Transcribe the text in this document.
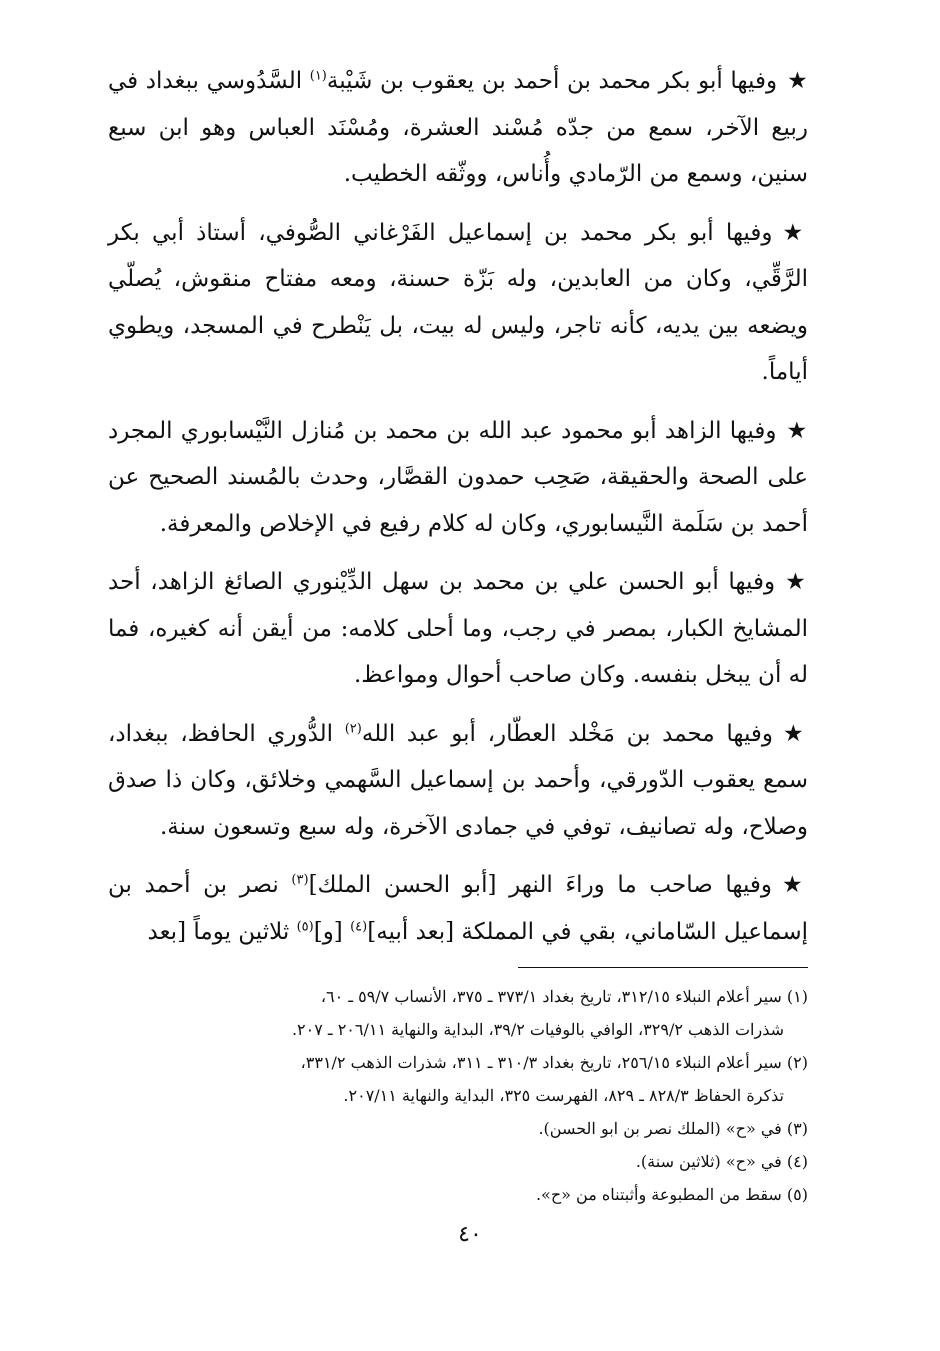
★وفيها أبو بكر محمد بن أحمد بن يعقوب بن شَيْبة$^{(١)}$ السَّدُوسي ببغداد في ربيع الآخر، سمع من جدّه مُسْند العشرة، ومُسْنَد العباس وهو ابن سبع سنين، وسمع من الرّمادي وأُناس، ووثّقه الخطيب.

★وفيها أبو بكر محمد بن إسماعيل الفَرْغاني الصُّوفي، أستاذ أبي بكر الرَّقِّي، وكان من العابدين، وله بَزّة حسنة، ومعه مفتاح منقوش، يُصلّي ويضعه بين يديه، كأنه تاجر، وليس له بيت، بل يَنْطرح في المسجد، ويطوي أياماً.

★وفيها الزاهد أبو محمود عبد الله بن محمد بن مُنازل النَّيْسابوري المجرد على الصحة والحقيقة، صَحِب حمدون القصَّار، وحدث بالمُسند الصحيح عن أحمد بن سَلَمة النَّيسابوري، وكان له كلام رفيع في الإخلاص والمعرفة.

★وفيها أبو الحسن علي بن محمد بن سهل الدِّيْنوري الصائغ الزاهد، أحد المشايخ الكبار، بمصر في رجب، وما أحلى كلامه: من أيقن أنه كغيره، فما له أن يبخل بنفسه. وكان صاحب أحوال ومواعظ.

★وفيها محمد بن مَخْلد العطّار، أبو عبد الله$^{(٢)}$ الدُّوري الحافظ، ببغداد، سمع يعقوب الدّورقي، وأحمد بن إسماعيل السَّهمي وخلائق، وكان ذا صدق وصلاح، وله تصانيف، توفي في جمادى الآخرة، وله سبع وتسعون سنة.

★وفيها صاحب ما وراءَ النهر [أبو الحسن الملك]$^{(٣)}$ نصر بن أحمد بن إسماعيل السّاماني، بقي في المملكة [بعد أبيه]$^{(٤)}$ [و]$^{(٥)}$ ثلاثين يوماً [بعد

(١) سير أعلام النبلاء ٣١٢/١٥، تاريخ بغداد ٣٧٣/١ ـ ٣٧٥، الأنساب ٥٩/٧ ـ ٦٠،

شذرات الذهب ٣٢٩/٢، الوافي بالوفيات ٣٩/٢، البداية والنهاية ٢٠٦/١١ ـ ٢٠٧.

(٢) سير أعلام النبلاء ٢٥٦/١٥، تاريخ بغداد ٣١٠/٣ ـ ٣١١، شذرات الذهب ٣٣١/٢،

تذكرة الحفاظ ٨٢٨/٣ ـ ٨٢٩، الفهرست ٣٢٥، البداية والنهاية ٢٠٧/١١.

(٣) في «ح» (الملك نصر بن ابو الحسن).

(٤) في «ح» (ثلاثين سنة).

(٥) سقط من المطبوعة وأثبتناه من «ح».

٤٠
